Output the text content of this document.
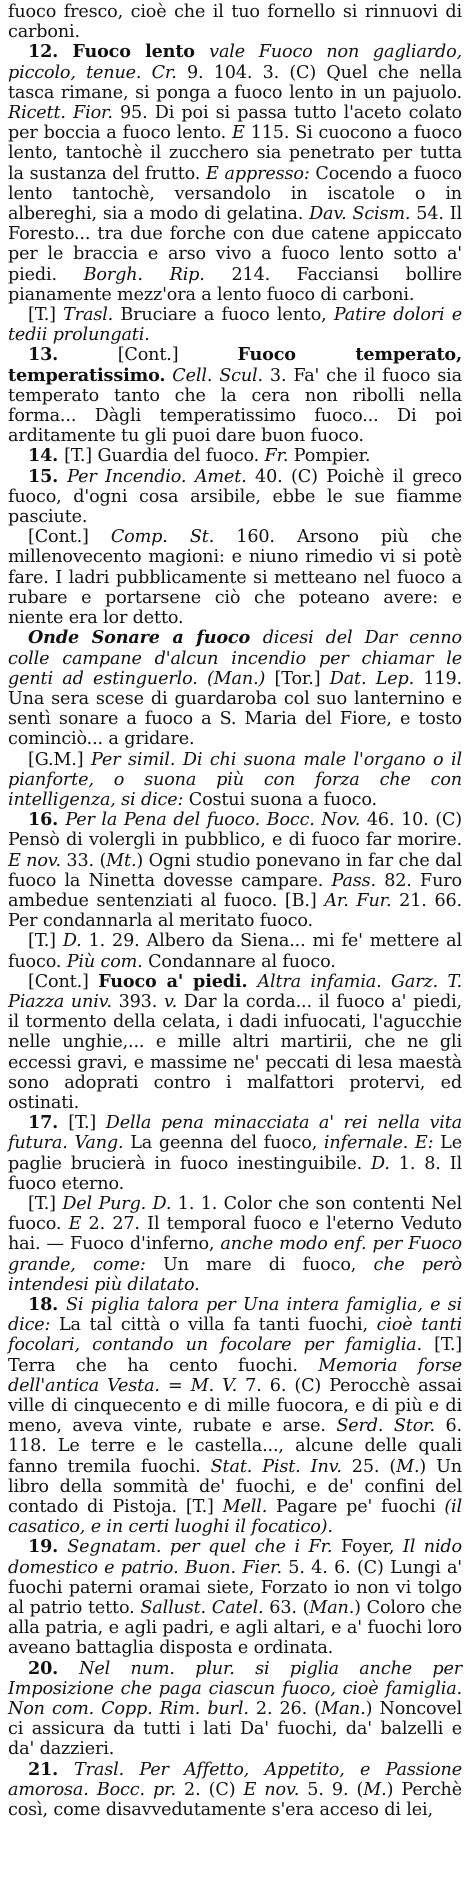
fuoco fresco, cioè che il tuo fornello si rinnuovi di carboni.

12. Fuoco lento vale Fuoco non gagliardo, piccolo, tenue. Cr. 9. 104. 3. (C) Quel che nella tasca rimane, si ponga a fuoco lento in un pajuolo. Ricett. Fior. 95. Di poi si passa tutto l'aceto colato per boccia a fuoco lento. E 115. Si cuocono a fuoco lento, tantochè il zucchero sia penetrato per tutta la sustanza del frutto. E appresso: Cocendo a fuoco lento tantochè, versandolo in iscatole o in albereghi, sia a modo di gelatina. Dav. Scism. 54. Il Foresto... tra due forche con due catene appiccato per le braccia e arso vivo a fuoco lento sotto a' piedi. Borgh. Rip. 214. Facciansi bollire pianamente mezz'ora a lento fuoco di carboni.

[T.] Trasl. Bruciare a fuoco lento, Patire dolori e tedii prolungati.

13. [Cont.] Fuoco temperato, temperatissimo. Cell. Scul. 3. Fa' che il fuoco sia temperato tanto che la cera non ribolli nella forma... Dàgli temperatissimo fuoco... Di poi arditamente tu gli puoi dare buon fuoco.

14. [T.] Guardia del fuoco. Fr. Pompier.

15. Per Incendio. Amet. 40. (C) Poichè il greco fuoco, d'ogni cosa arsibile, ebbe le sue fiamme pasciute.

[Cont.] Comp. St. 160. Arsono più che millenovecento magioni: e niuno rimedio vi si potè fare. I ladri pubblicamente si metteano nel fuoco a rubare e portarsene ciò che poteano avere: e niente era lor detto.

Onde Sonare a fuoco dicesi del Dar cenno colle campane d'alcun incendio per chiamar le genti ad estinguerlo. (Man.) [Tor.] Dat. Lep. 119. Una sera scese di guardaroba col suo lanternino e sentì sonare a fuoco a S. Maria del Fiore, e tosto cominciò... a gridare.

[G.M.] Per simil. Di chi suona male l'organo o il pianforte, o suona più con forza che con intelligenza, si dice: Costui suona a fuoco.

16. Per la Pena del fuoco. Bocc. Nov. 46. 10. (C) Pensò di volergli in pubblico, e di fuoco far morire. E nov. 33. (Mt.) Ogni studio ponevano in far che dal fuoco la Ninetta dovesse campare. Pass. 82. Furo ambedue sentenziati al fuoco. [B.] Ar. Fur. 21. 66. Per condannarla al meritato fuoco.

[T.] D. 1. 29. Albero da Siena... mi fe' mettere al fuoco. Più com. Condannare al fuoco.

[Cont.] Fuoco a' piedi. Altra infamia. Garz. T. Piazza univ. 393. v. Dar la corda... il fuoco a' piedi, il tormento della celata, i dadi infuocati, l'agucchie nelle unghie,... e mille altri martirii, che ne gli eccessi gravi, e massime ne' peccati di lesa maestà sono adoprati contro i malfattori protervi, ed ostinati.

17. [T.] Della pena minacciata a' rei nella vita futura. Vang. La geenna del fuoco, infernale. E: Le paglie brucierà in fuoco inestinguibile. D. 1. 8. Il fuoco eterno.

[T.] Del Purg. D. 1. 1. Color che son contenti Nel fuoco. E 2. 27. Il temporal fuoco e l'eterno Veduto hai. — Fuoco d'inferno, anche modo enf. per Fuoco grande, come: Un mare di fuoco, che però intendesi più dilatato.

18. Si piglia talora per Una intera famiglia, e si dice: La tal città o villa fa tanti fuochi, cioè tanti focolari, contando un focolare per famiglia. [T.] Terra che ha cento fuochi. Memoria forse dell'antica Vesta. = M. V. 7. 6. (C) Perocchè assai ville di cinquecento e di mille fuocora, e di più e di meno, aveva vinte, rubate e arse. Serd. Stor. 6. 118. Le terre e le castella..., alcune delle quali fanno tremila fuochi. Stat. Pist. Inv. 25. (M.) Un libro della sommità de' fuochi, e de' confini del contado di Pistoja. [T.] Mell. Pagare pe' fuochi (il casatico, e in certi luoghi il focatico).

19. Segnatam. per quel che i Fr. Foyer, Il nido domestico e patrio. Buon. Fier. 5. 4. 6. (C) Lungi a' fuochi paterni oramai siete, Forzato io non vi tolgo al patrio tetto. Sallust. Catel. 63. (Man.) Coloro che alla patria, e agli padri, e agli altari, e a' fuochi loro aveano battaglia disposta e ordinata.

20. Nel num. plur. si piglia anche per Imposizione che paga ciascun fuoco, cioè famiglia. Non com. Copp. Rim. burl. 2. 26. (Man.) Noncovel ci assicura da tutti i lati Da' fuochi, da' balzelli e da' dazzieri.

21. Trasl. Per Affetto, Appetito, e Passione amorosa. Bocc. pr. 2. (C) E nov. 5. 9. (M.) Perchè così, come disavvedutamente s'era acceso di lei,
